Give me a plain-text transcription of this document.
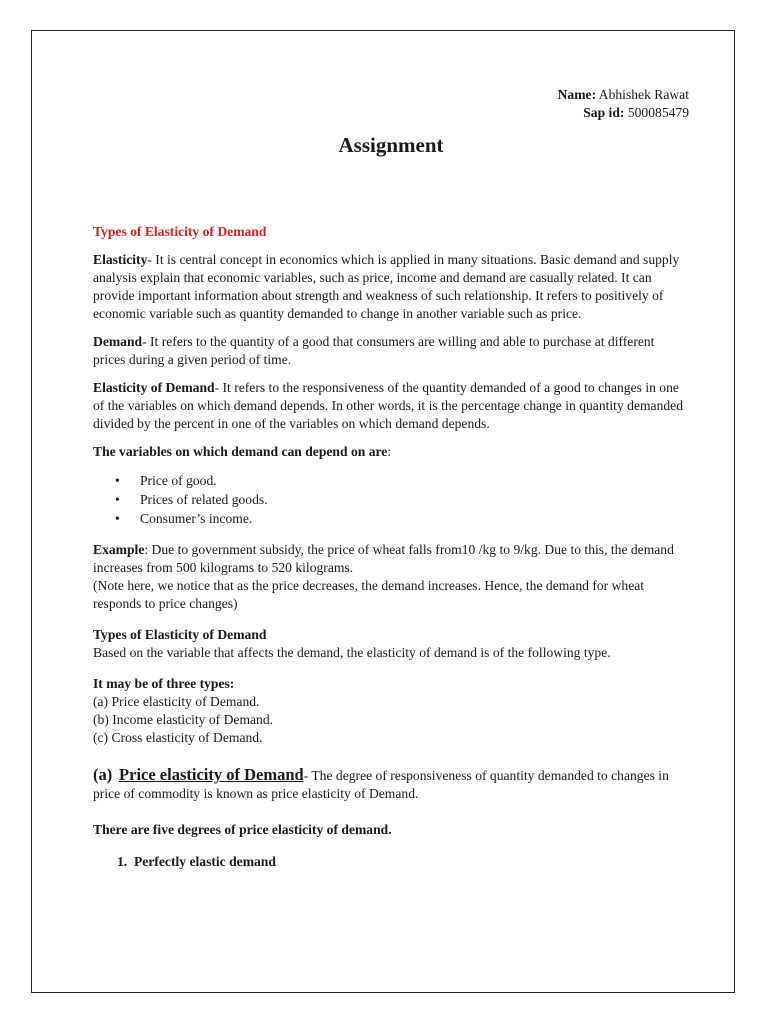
Name: Abhishek Rawat

Sap id: 500085479

Assignment

Types of Elasticity of Demand

Elasticity- It is central concept in economics which is applied in many situations. Basic demand and supply analysis explain that economic variables, such as price, income and demand are casually related. It can provide important information about strength and weakness of such relationship. It refers to positively of economic variable such as quantity demanded to change in another variable such as price.

Demand- It refers to the quantity of a good that consumers are willing and able to purchase at different prices during a given period of time.

Elasticity of Demand- It refers to the responsiveness of the quantity demanded of a good to changes in one of the variables on which demand depends. In other words, it is the percentage change in quantity demanded divided by the percent in one of the variables on which demand depends.

The variables on which demand can depend on are:

• Price of good.
• Prices of related goods.
• Consumer’s income.

Example: Due to government subsidy, the price of wheat falls from10 /kg to 9/kg. Due to this, the demand increases from 500 kilograms to 520 kilograms.

(Note here, we notice that as the price decreases, the demand increases. Hence, the demand for wheat responds to price changes)

Types of Elasticity of Demand

Based on the variable that affects the demand, the elasticity of demand is of the following type.

It may be of three types:

(a) Price elasticity of Demand.

(b) Income elasticity of Demand.

(c) Cross elasticity of Demand.

(a) Price elasticity of Demand- The degree of responsiveness of quantity demanded to changes in price of commodity is known as price elasticity of Demand.

There are five degrees of price elasticity of demand.

1. Perfectly elastic demand
